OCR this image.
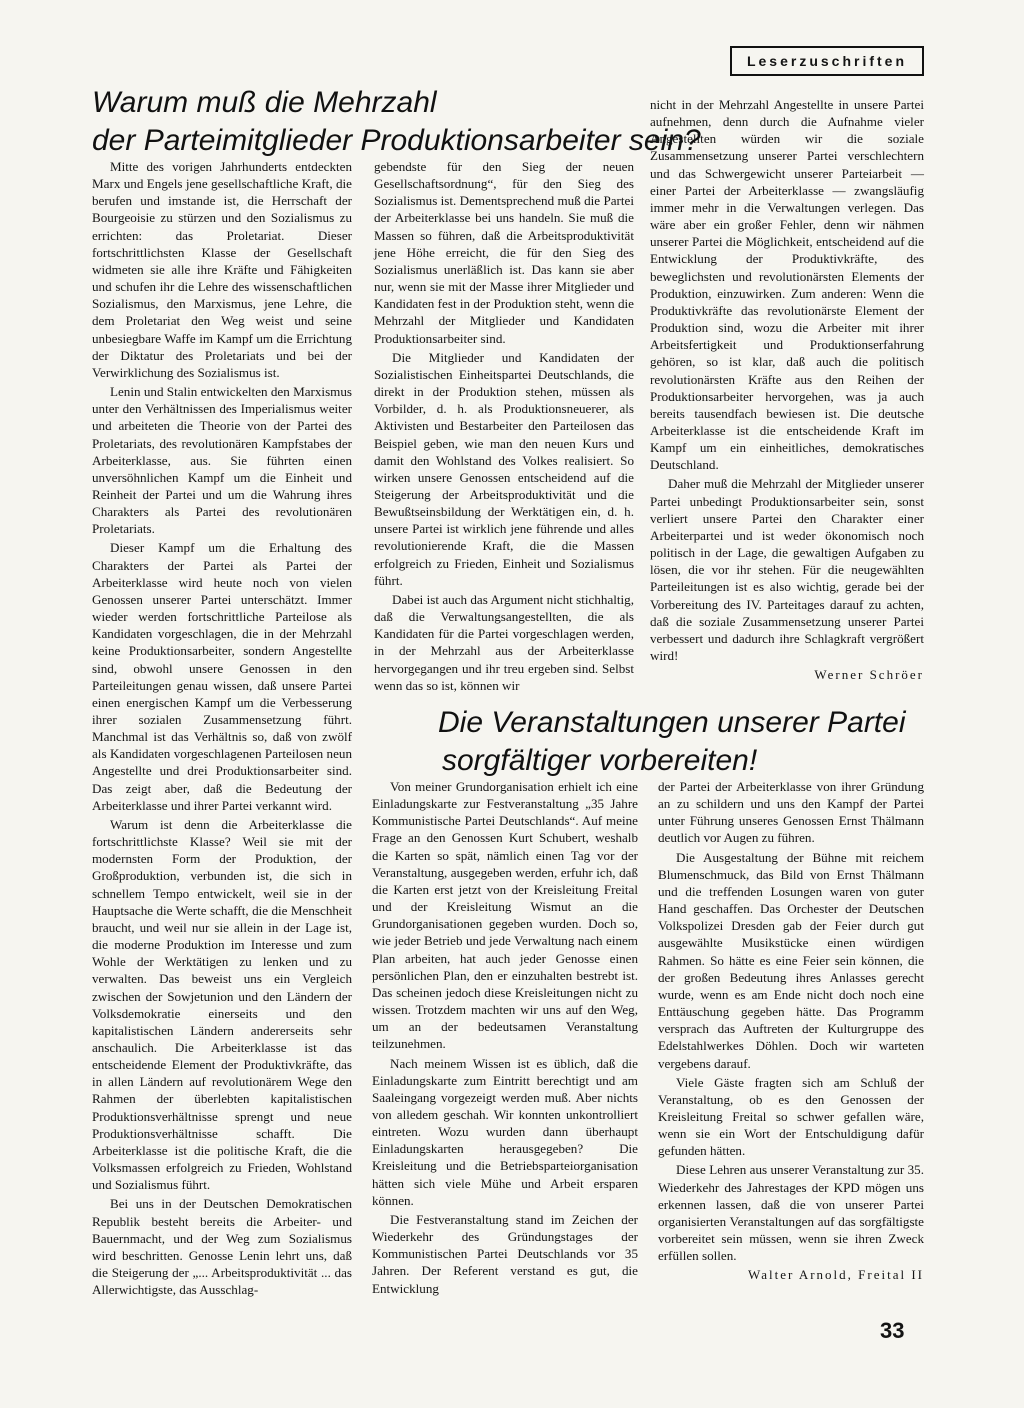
Leserzuschriften
Warum muß die Mehrzahl
der Parteimitglieder Produktionsarbeiter sein?

Mitte des vorigen Jahrhunderts entdeckten Marx und Engels jene gesellschaftliche Kraft, die berufen und imstande ist, die Herrschaft der Bourgeoisie zu stürzen und den Sozialismus zu errichten: das Proletariat. Dieser fortschrittlichsten Klasse der Gesellschaft widmeten sie alle ihre Kräfte und Fähigkeiten und schufen ihr die Lehre des wissenschaftlichen Sozialismus, den Marxismus, jene Lehre, die dem Proletariat den Weg weist und seine unbesiegbare Waffe im Kampf um die Errichtung der Diktatur des Proletariats und bei der Verwirklichung des Sozialismus ist.

Lenin und Stalin entwickelten den Marxismus unter den Verhältnissen des Imperialismus weiter und arbeiteten die Theorie von der Partei des Proletariats, des revolutionären Kampfstabes der Arbeiterklasse, aus. Sie führten einen unversöhnlichen Kampf um die Einheit und Reinheit der Partei und um die Wahrung ihres Charakters als Partei des revolutionären Proletariats.

Dieser Kampf um die Erhaltung des Charakters der Partei als Partei der Arbeiterklasse wird heute noch von vielen Genossen unserer Partei unterschätzt. Immer wieder werden fortschrittliche Parteilose als Kandidaten vorgeschlagen, die in der Mehrzahl keine Produktionsarbeiter, sondern Angestellte sind, obwohl unsere Genossen in den Parteileitungen genau wissen, daß unsere Partei einen energischen Kampf um die Verbesserung ihrer sozialen Zusammensetzung führt. Manchmal ist das Verhältnis so, daß von zwölf als Kandidaten vorgeschlagenen Parteilosen neun Angestellte und drei Produktionsarbeiter sind. Das zeigt aber, daß die Bedeutung der Arbeiterklasse und ihrer Partei verkannt wird.

Warum ist denn die Arbeiterklasse die fortschrittlichste Klasse? Weil sie mit der modernsten Form der Produktion, der Großproduktion, verbunden ist, die sich in schnellem Tempo entwickelt, weil sie in der Hauptsache die Werte schafft, die die Menschheit braucht, und weil nur sie allein in der Lage ist, die moderne Produktion im Interesse und zum Wohle der Werktätigen zu lenken und zu verwalten. Das beweist uns ein Vergleich zwischen der Sowjetunion und den Ländern der Volksdemokratie einerseits und den kapitalistischen Ländern andererseits sehr anschaulich. Die Arbeiterklasse ist das entscheidende Element der Produktivkräfte, das in allen Ländern auf revolutionärem Wege den Rahmen der überlebten kapitalistischen Produktionsverhältnisse sprengt und neue Produktionsverhältnisse schafft. Die Arbeiterklasse ist die politische Kraft, die die Volksmassen erfolgreich zu Frieden, Wohlstand und Sozialismus führt.

Bei uns in der Deutschen Demokratischen Republik besteht bereits die Arbeiter- und Bauernmacht, und der Weg zum Sozialismus wird beschritten. Genosse Lenin lehrt uns, daß die Steigerung der „... Arbeitsproduktivität ... das Allerwichtigste, das Ausschlag-

gebendste für den Sieg der neuen Gesellschaftsordnung“, für den Sieg des Sozialismus ist. Dementsprechend muß die Partei der Arbeiterklasse bei uns handeln. Sie muß die Massen so führen, daß die Arbeitsproduktivität jene Höhe erreicht, die für den Sieg des Sozialismus unerläßlich ist. Das kann sie aber nur, wenn sie mit der Masse ihrer Mitglieder und Kandidaten fest in der Produktion steht, wenn die Mehrzahl der Mitglieder und Kandidaten Produktionsarbeiter sind.

Die Mitglieder und Kandidaten der Sozialistischen Einheitspartei Deutschlands, die direkt in der Produktion stehen, müssen als Vorbilder, d. h. als Produktionsneuerer, als Aktivisten und Bestarbeiter den Parteilosen das Beispiel geben, wie man den neuen Kurs und damit den Wohlstand des Volkes realisiert. So wirken unsere Genossen entscheidend auf die Steigerung der Arbeitsproduktivität und die Bewußtseinsbildung der Werktätigen ein, d. h. unsere Partei ist wirklich jene führende und alles revolutionierende Kraft, die die Massen erfolgreich zu Frieden, Einheit und Sozialismus führt.

Dabei ist auch das Argument nicht stichhaltig, daß die Verwaltungsangestellten, die als Kandidaten für die Partei vorgeschlagen werden, in der Mehrzahl aus der Arbeiterklasse hervorgegangen und ihr treu ergeben sind. Selbst wenn das so ist, können wir

nicht in der Mehrzahl Angestellte in unsere Partei aufnehmen, denn durch die Aufnahme vieler Angestellten würden wir die soziale Zusammensetzung unserer Partei verschlechtern und das Schwergewicht unserer Parteiarbeit — einer Partei der Arbeiterklasse — zwangsläufig immer mehr in die Verwaltungen verlegen. Das wäre aber ein großer Fehler, denn wir nähmen unserer Partei die Möglichkeit, entscheidend auf die Entwicklung der Produktivkräfte, des beweglichsten und revolutionärsten Elements der Produktion, einzuwirken. Zum anderen: Wenn die Produktivkräfte das revolutionärste Element der Produktion sind, wozu die Arbeiter mit ihrer Arbeitsfertigkeit und Produktionserfahrung gehören, so ist klar, daß auch die politisch revolutionärsten Kräfte aus den Reihen der Produktionsarbeiter hervorgehen, was ja auch bereits tausendfach bewiesen ist. Die deutsche Arbeiterklasse ist die entscheidende Kraft im Kampf um ein einheitliches, demokratisches Deutschland.

Daher muß die Mehrzahl der Mitglieder unserer Partei unbedingt Produktionsarbeiter sein, sonst verliert unsere Partei den Charakter einer Arbeiterpartei und ist weder ökonomisch noch politisch in der Lage, die gewaltigen Aufgaben zu lösen, die vor ihr stehen. Für die neugewählten Parteileitungen ist es also wichtig, gerade bei der Vorbereitung des IV. Parteitages darauf zu achten, daß die soziale Zusammensetzung unserer Partei verbessert und dadurch ihre Schlagkraft vergrößert wird!

Werner Schröer
Die Veranstaltungen unserer Partei
sorgfältiger vorbereiten!

Von meiner Grundorganisation erhielt ich eine Einladungskarte zur Festveranstaltung „35 Jahre Kommunistische Partei Deutschlands“. Auf meine Frage an den Genossen Kurt Schubert, weshalb die Karten so spät, nämlich einen Tag vor der Veranstaltung, ausgegeben werden, erfuhr ich, daß die Karten erst jetzt von der Kreisleitung Freital und der Kreisleitung Wismut an die Grundorganisationen gegeben wurden. Doch so, wie jeder Betrieb und jede Verwaltung nach einem Plan arbeiten, hat auch jeder Genosse einen persönlichen Plan, den er einzuhalten bestrebt ist. Das scheinen jedoch diese Kreisleitungen nicht zu wissen. Trotzdem machten wir uns auf den Weg, um an der bedeutsamen Veranstaltung teilzunehmen.

Nach meinem Wissen ist es üblich, daß die Einladungskarte zum Eintritt berechtigt und am Saaleingang vorgezeigt werden muß. Aber nichts von alledem geschah. Wir konnten unkontrolliert eintreten. Wozu wurden dann überhaupt Einladungskarten herausgegeben? Die Kreisleitung und die Betriebsparteiorganisation hätten sich viele Mühe und Arbeit ersparen können.

Die Festveranstaltung stand im Zeichen der Wiederkehr des Gründungstages der Kommunistischen Partei Deutschlands vor 35 Jahren. Der Referent verstand es gut, die Entwicklung

der Partei der Arbeiterklasse von ihrer Gründung an zu schildern und uns den Kampf der Partei unter Führung unseres Genossen Ernst Thälmann deutlich vor Augen zu führen.

Die Ausgestaltung der Bühne mit reichem Blumenschmuck, das Bild von Ernst Thälmann und die treffenden Losungen waren von guter Hand geschaffen. Das Orchester der Deutschen Volkspolizei Dresden gab der Feier durch gut ausgewählte Musikstücke einen würdigen Rahmen. So hätte es eine Feier sein können, die der großen Bedeutung ihres Anlasses gerecht wurde, wenn es am Ende nicht doch noch eine Enttäuschung gegeben hätte. Das Programm versprach das Auftreten der Kulturgruppe des Edelstahlwerkes Döhlen. Doch wir warteten vergebens darauf.

Viele Gäste fragten sich am Schluß der Veranstaltung, ob es den Genossen der Kreisleitung Freital so schwer gefallen wäre, wenn sie ein Wort der Entschuldigung dafür gefunden hätten.

Diese Lehren aus unserer Veranstaltung zur 35. Wiederkehr des Jahrestages der KPD mögen uns erkennen lassen, daß die von unserer Partei organisierten Veranstaltungen auf das sorgfältigste vorbereitet sein müssen, wenn sie ihren Zweck erfüllen sollen.

Walter Arnold, Freital II
33
